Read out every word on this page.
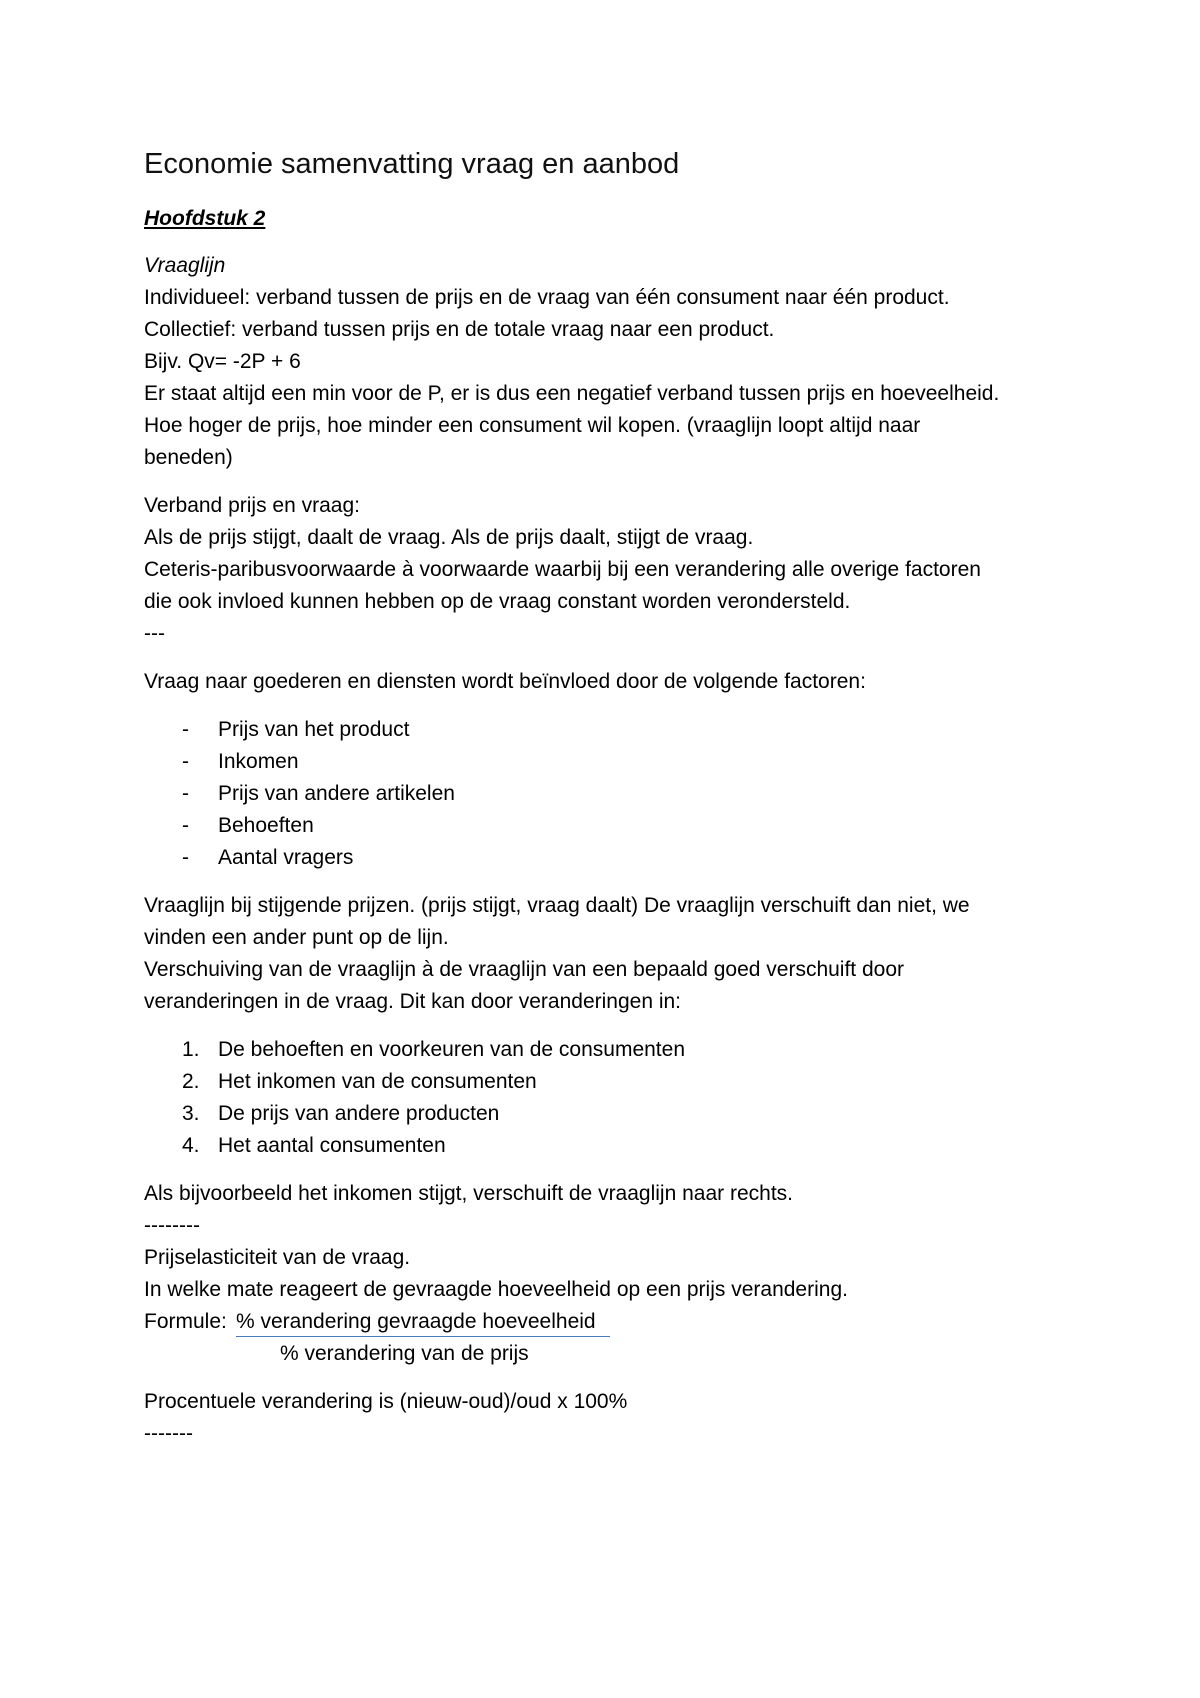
Economie samenvatting vraag en aanbod
Hoofdstuk 2
Vraaglijn
Individueel: verband tussen de prijs en de vraag van één consument naar één product.
Collectief: verband tussen prijs en de totale vraag naar een product.
Bijv. Qv= -2P + 6
Er staat altijd een min voor de P, er is dus een negatief verband tussen prijs en hoeveelheid.
Hoe hoger de prijs, hoe minder een consument wil kopen. (vraaglijn loopt altijd naar
beneden)
Verband prijs en vraag:
Als de prijs stijgt, daalt de vraag. Als de prijs daalt, stijgt de vraag.
Ceteris-paribusvoorwaarde à voorwaarde waarbij bij een verandering alle overige factoren
die ook invloed kunnen hebben op de vraag constant worden verondersteld.
---
Vraag naar goederen en diensten wordt beïnvloed door de volgende factoren:
- Prijs van het product
- Inkomen
- Prijs van andere artikelen
- Behoeften
- Aantal vragers
Vraaglijn bij stijgende prijzen. (prijs stijgt, vraag daalt) De vraaglijn verschuift dan niet, we
vinden een ander punt op de lijn.
Verschuiving van de vraaglijn à de vraaglijn van een bepaald goed verschuift door
veranderingen in de vraag. Dit kan door veranderingen in:
1. De behoeften en voorkeuren van de consumenten
2. Het inkomen van de consumenten
3. De prijs van andere producten
4. Het aantal consumenten
Als bijvoorbeeld het inkomen stijgt, verschuift de vraaglijn naar rechts.
--------
Prijselasticiteit van de vraag.
In welke mate reageert de gevraagde hoeveelheid op een prijs verandering.
Formule: % verandering gevraagde hoeveelheid
% verandering van de prijs
Procentuele verandering is (nieuw-oud)/oud x 100%
-------
